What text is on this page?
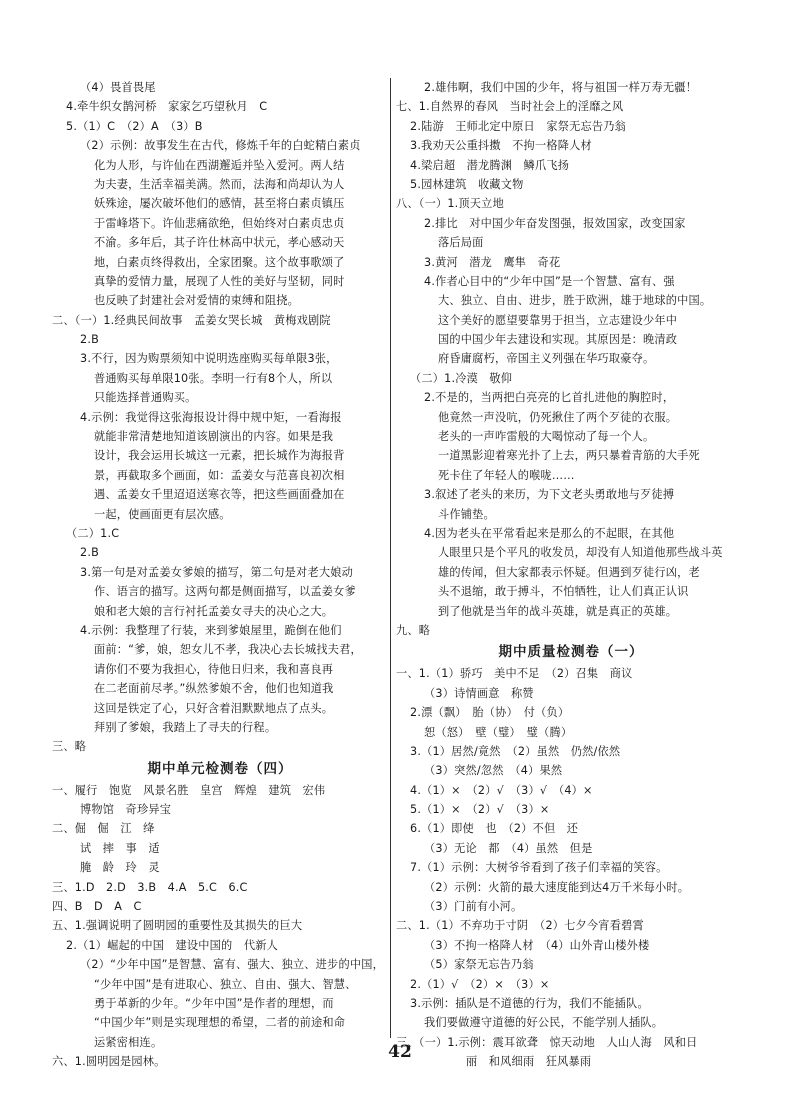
（4）畏首畏尾
4.牵牛织女鹊河桥　家家乞巧望秋月　C
5.（1）C　（2）A　（3）B
（2）示例：故事发生在古代，修炼千年的白蛇精白素贞
化为人形，与许仙在西湖邂逅并坠入爱河。两人结
为夫妻，生活幸福美满。然而，法海和尚却认为人
妖殊途，屡次破坏他们的感情，甚至将白素贞镇压
于雷峰塔下。许仙悲痛欲绝，但始终对白素贞忠贞
不渝。多年后，其子许仕林高中状元，孝心感动天
地，白素贞终得救出，全家团聚。这个故事歌颂了
真挚的爱情力量，展现了人性的美好与坚韧，同时
也反映了封建社会对爱情的束缚和阻挠。
二、（一）1.经典民间故事　孟姜女哭长城　黄梅戏剧院
2.B
3.不行，因为购票须知中说明选座购买每单限3张，
普通购买每单限10张。李明一行有8个人，所以
只能选择普通购买。
4.示例：我觉得这张海报设计得中规中矩，一看海报
就能非常清楚地知道该剧演出的内容。如果是我
设计，我会运用长城这一元素，把长城作为海报背
景，再截取多个画面，如：孟姜女与范喜良初次相
遇、孟姜女千里迢迢送寒衣等，把这些画面叠加在
一起，使画面更有层次感。
（二）1.C
2.B
3.第一句是对孟姜女爹娘的描写，第二句是对老大娘动
作、语言的描写。这两句都是侧面描写，以孟姜女爹
娘和老大娘的言行衬托孟姜女寻夫的决心之大。
4.示例：我整理了行装，来到爹娘屋里，跪倒在他们
面前：“爹，娘，恕女儿不孝，我决心去长城找夫君，
请你们不要为我担心，待他日归来，我和喜良再
在二老面前尽孝。”纵然爹娘不舍，他们也知道我
这回是铁定了心，只好含着泪默默地点了点头。
拜别了爹娘，我踏上了寻夫的行程。
三、略
期中单元检测卷（四）
一、履行　饱览　风景名胜　皇宫　辉煌　建筑　宏伟
博物馆　奇珍异宝
二、倔　倔　江　绛
试　摔　事　适
腌　龄　玲　灵
三、1.D　2.D　3.B　4.A　5.C　6.C
四、B　D　A　C
五、1.强调说明了圆明园的重要性及其损失的巨大
2.（1）崛起的中国　建设中国的　代新人
（2）“少年中国”是智慧、富有、强大、独立、进步的中国，
“少年中国”是有进取心、独立、自由、强大、智慧、
勇于革新的少年。“少年中国”是作者的理想，而
“中国少年”则是实现理想的希望，二者的前途和命
运紧密相连。
六、1.圆明园是园林。
2.雄伟啊，我们中国的少年，将与祖国一样万寿无疆！
七、1.自然界的春风　当时社会上的淫靡之风
2.陆游　王师北定中原日　家祭无忘告乃翁
3.我劝天公重抖擞　不拘一格降人材
4.梁启超　潜龙腾渊　鳞爪飞扬
5.园林建筑　收藏文物
八、（一）1.顶天立地
2.排比　对中国少年奋发图强，报效国家，改变国家
落后局面
3.黄河　潜龙　鹰隼　奇花
4.作者心目中的“少年中国”是一个智慧、富有、强
大、独立、自由、进步，胜于欧洲，雄于地球的中国。
这个美好的愿望要靠男于担当，立志建设少年中
国的中国少年去建设和实现。其原因是：晚清政
府昏庸腐朽，帝国主义列强在华巧取豪夺。
（二）1.冷漠　敬仰
2.不是的，当两把白亮亮的匕首扎进他的胸腔时，
他竟然一声没吭，仍死揪住了两个歹徒的衣服。
老头的一声咋雷般的大喝惊动了每一个人。
一道黑影迎着寒光扑了上去，两只暴着青筋的大手死
死卡住了年轻人的喉咙……
3.叙述了老头的来历，为下文老头勇敢地与歹徒搏
斗作铺垫。
4.因为老头在平常看起来是那么的不起眼，在其他
人眼里只是个平凡的收发员，却没有人知道他那些战斗英
雄的传闻，但大家都表示怀疑。但遇到歹徒行凶，老
头不退缩，敢于搏斗，不怕牺牲，让人们真正认识
到了他就是当年的战斗英雄，就是真正的英雄。
九、略
期中质量检测卷（一）
一、1.（1）骄巧　美中不足　（2）召集　商议
（3）诗情画意　称赞
2.漂（飘）　胎（协）　付（负）
恕（怒）　壁（璧）　璧（腾）
3.（1）居然/竟然　（2）虽然　仍然/依然
（3）突然/忽然　（4）果然
4.（1）×　（2）√　（3）√　（4）×
5.（1）×　（2）√　（3）×
6.（1）即使　也　（2）不但　还
（3）无论　都　（4）虽然　但是
7.（1）示例：大树爷爷看到了孩子们幸福的笑容。
（2）示例：火箭的最大速度能到达4万千米每小时。
（3）门前有小河。
二、1.（1）不弃功于寸阴　（2）七夕今宵看碧霄
（3）不拘一格降人材　（4）山外青山楼外楼
（5）家祭无忘告乃翁
2.（1）√　（2）×　（3）×
3.示例：插队是不道德的行为，我们不能插队。
我们要做遵守道德的好公民，不能学别人插队。
三、（一）1.示例：震耳欲聋　惊天动地　人山人海　风和日
丽　和风细雨　狂风暴雨
42
